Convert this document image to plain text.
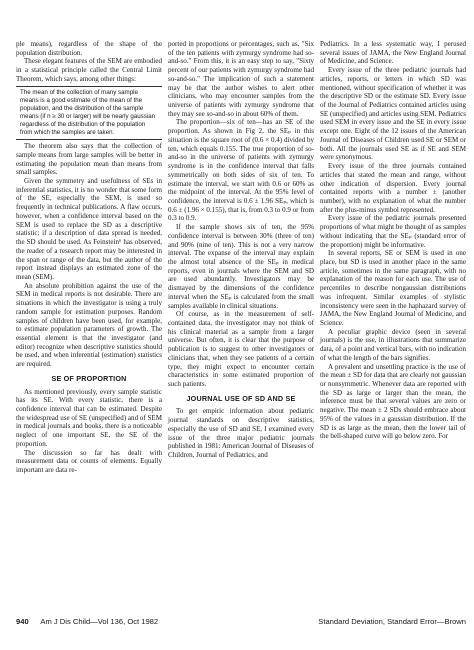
ple means), regardless of the shape of the population distribution.

These elegant features of the SEM are embodied in a statistical principle called the Central Limit Theorem, which says, among other things:

The mean of the collection of many sample means is a good estimate of the mean of the population, and the distribution of the sample means (if n ≥ 30 or larger) will be nearly gaussian regardless of the distribution of the population from which the samples are taken.

The theorem also says that the collection of sample means from large samples will be better in estimating the population mean than means from small samples.

Given the symmetry and usefulness of SEs in inferential statistics, it is no wonder that some form of the SE, especially the SEM, is used so frequently in technical publications. A flaw occurs, however, when a confidence interval based on the SEM is used to replace the SD as a descriptive statistic; if a description of data spread is needed, the SD should be used. As Feinstein⁶ has observed, the reader of a research report may be interested in the span or range of the data, but the author of the report instead displays an estimated zone of the mean (SEM).

An absolute prohibition against the use of the SEM in medical reports is not desirable. There are situations in which the investigator is using a truly random sample for estimation purposes. Random samples of children have been used, for example, to estimate population parameters of growth. The essential element is that the investigator (and editor) recognize when descriptive statistics should be used, and when inferential (estimation) statistics are required.

SE OF PROPORTION

As mentioned previously, every sample statistic has its SE. With every statistic, there is a confidence interval that can be estimated. Despite the widespread use of SE (unspecified) and of SEM in medical journals and books, there is a noticeable neglect of one important SE, the SE of the proportion.

The discussion so far has dealt with measurement data or counts of elements. Equally important are data re-

ported in proportions or percentages, such as, "Six of the ten patients with zymurgy syndrome had so-and-so." From this, it is an easy step to say, "Sixty percent of our patients with zymurgy syndrome had so-and-so." The implication of such a statement may be that the author wishes to alert other clinicians, who may encounter samples from the universe of patients with zymurgy syndrome that they may see so-and-so in about 60% of them.

The proportion—six of ten—has an SE of the proportion. As shown in Fig 2, the SEₚ in this situation is the square root of (0.6 × 0.4) divided by ten, which equals 0.155. The true proportion of so-and-so in the universe of patients with zymurgy syndrome is in the confidence interval that falls symmetrically on both sides of six of ten. To estimate the interval, we start with 0.6 or 60% as the midpoint of the interval. At the 95% level of confidence, the interval is 0.6 ± 1.96 SEₚ, which is 0.6 ± (1.96 × 0.155), that is, from 0.3 to 0.9 or from 0.3 to 0.9.

If the sample shows six of ten, the 95% confidence interval is between 30% (three of ten) and 90% (nine of ten). This is not a very narrow interval. The expanse of the interval may explain the almost total absence of the SEₚ in medical reports, even in journals where the SEM and SD are used abundantly. Investigators may be dismayed by the dimensions of the confidence interval when the SEₚ is calculated from the small samples available in clinical situations.

Of course, as in the measurement of self-contained data, the investigator may not think of his clinical material as a sample from a larger universe. But often, it is clear that the purpose of publication is to suggest to other investigators or clinicians that, when they see patients of a certain type, they might expect to encounter certain characteristics in some estimated proportion of such patients.

JOURNAL USE OF SD AND SE

To get empiric information about pediatric journal standards on descriptive statistics, especially the use of SD and SE, I examined every issue of the three major pediatric journals published in 1981: American Journal of Diseases of Children, Journal of Pediatrics, and

Pediatrics. In a less systematic way, I perused several issues of JAMA, the New England Journal of Medicine, and Science.

Every issue of the three pediatric journals had articles, reports, or letters in which SD was mentioned, without specification of whether it was the descriptive SD or the estimate SD. Every issue of the Journal of Pediatrics contained articles using SE (unspecified) and articles using SEM. Pediatrics used SEM in every issue and the SE in every issue except one. Eight of the 12 issues of the American Journal of Diseases of Children used SE or SEM or both. All the journals used SE as if SE and SEM were synonymous.

Every issue of the three journals contained articles that stated the mean and range, without other indication of dispersion. Every journal contained reports with a number ± (another number), with no explanation of what the number after the plus-minus symbol represented.

Every issue of the pediatric journals presented proportions of what might be thought of as samples without indicating that the SEₚ (standard error of the proportion) might be informative.

In several reports, SE or SEM is used in one place, but SD is used in another place in the same article, sometimes in the same paragraph, with no explanation of the reason for each use. The use of percentiles to describe nongaussian distributions was infrequent. Similar examples of stylistic inconsistency were seen in the haphazard survey of JAMA, the New England Journal of Medicine, and Science.

A peculiar graphic device (seen in several journals) is the use, in illustrations that summarize data, of a point and vertical bars, with no indication of what the length of the bars signifies.

A prevalent and unsettling practice is the use of the mean ± SD for data that are clearly not gaussian or nonsymmetric. Whenever data are reported with the SD as large or larger than the mean, the inference must be that several values are zero or negative. The mean ± 2 SDs should embrace about 95% of the values in a gaussian distribution. If the SD is as large as the mean, then the lower tail of the bell-shaped curve will go below zero. For

940 Am J Dis Child—Vol 136, Oct 1982	Standard Deviation, Standard Error—Brown
